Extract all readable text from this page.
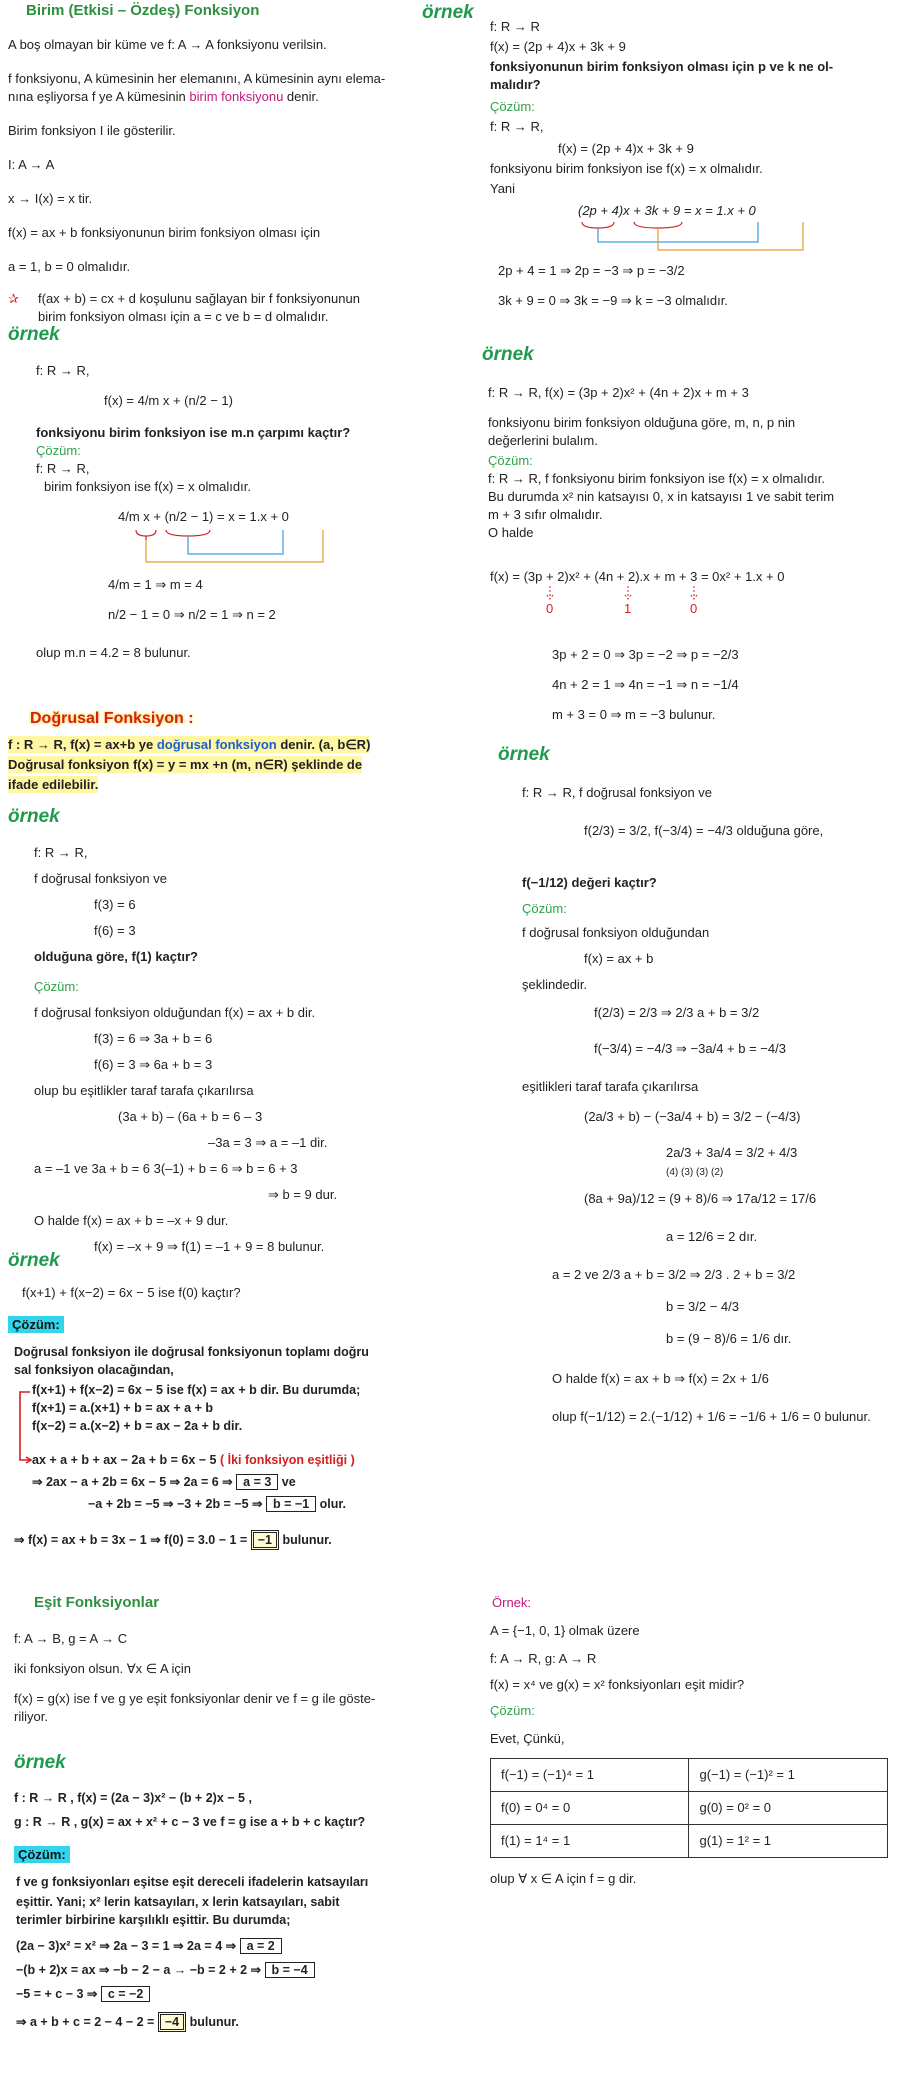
Birim (Etkisi – Özdeş) Fonksiyon
A boş olmayan bir küme ve f: A → A fonksiyonu verilsin.
f fonksiyonu, A kümesinin her elemanını, A kümesinin aynı elema-
nına eşliyorsa f ye A kümesinin birim fonksiyonu denir.
Birim fonksiyon I ile gösterilir.
I: A → A
x → I(x) = x tir.
f(x) = ax + b fonksiyonunun birim fonksiyon olması için
a = 1, b = 0 olmalıdır.
✰ f(ax + b) = cx + d koşulunu sağlayan bir f fonksiyonunun
birim fonksiyon olması için a = c ve b = d olmalıdır.
örnek
f: R → R,
f(x) = 4/m x + (n/2 − 1)
fonksiyonu birim fonksiyon ise m.n çarpımı kaçtır?
Çözüm:
f: R → R,
birim fonksiyon ise f(x) = x olmalıdır.
4/m x + (n/2 − 1) = x = 1.x + 0
4/m = 1 ⇒ m = 4
n/2 − 1 = 0 ⇒ n/2 = 1 ⇒ n = 2
olup m.n = 4.2 = 8 bulunur.
Doğrusal Fonksiyon :
f : R → R, f(x) = ax+b ye doğrusal fonksiyon denir. (a, b∈R)
Doğrusal fonksiyon f(x) = y = mx +n (m, n∈R) şeklinde de
ifade edilebilir.
örnek
f: R → R,
f doğrusal fonksiyon ve
f(3) = 6
f(6) = 3
olduğuna göre, f(1) kaçtır?
Çözüm:
f doğrusal fonksiyon olduğundan f(x) = ax + b dir.
f(3) = 6 ⇒ 3a + b = 6
f(6) = 3 ⇒ 6a + b = 3
olup bu eşitlikler taraf tarafa çıkarılırsa
(3a + b) – (6a + b = 6 – 3
–3a = 3 ⇒ a = –1 dir.
a = –1 ve 3a + b = 6 3(–1) + b = 6 ⇒ b = 6 + 3
⇒ b = 9 dur.
O halde f(x) = ax + b = –x + 9 dur.
f(x) = –x + 9 ⇒ f(1) = –1 + 9 = 8 bulunur.
örnek
f(x+1) + f(x−2) = 6x − 5 ise f(0) kaçtır?
Çözüm:
Doğrusal fonksiyon ile doğrusal fonksiyonun toplamı doğru
sal fonksiyon olacağından,
f(x+1) + f(x−2) = 6x − 5 ise f(x) = ax + b dir. Bu durumda;
f(x+1) = a.(x+1) + b = ax + a + b
f(x−2) = a.(x−2) + b = ax − 2a + b dir.
ax + a + b + ax − 2a + b = 6x − 5 ( İki fonksiyon eşitliği )
⇒ 2ax − a + 2b = 6x − 5 ⇒ 2a = 6 ⇒ a = 3 ve
−a + 2b = −5 ⇒ −3 + 2b = −5 ⇒ b = −1 olur.
⇒ f(x) = ax + b = 3x − 1 ⇒ f(0) = 3.0 − 1 = −1 bulunur.
Eşit Fonksiyonlar
f: A → B, g = A → C
iki fonksiyon olsun. ∀x ∈ A için
f(x) = g(x) ise f ve g ye eşit fonksiyonlar denir ve f = g ile göste-
riliyor.
örnek
f : R → R , f(x) = (2a − 3)x² − (b + 2)x − 5 ,
g : R → R , g(x) = ax + x² + c − 3 ve f = g ise a + b + c kaçtır?
Çözüm:
f ve g fonksiyonları eşitse eşit dereceli ifadelerin katsayıları
eşittir. Yani; x² lerin katsayıları, x lerin katsayıları, sabit
terimler birbirine karşılıklı eşittir. Bu durumda;
(2a − 3)x² = x² ⇒ 2a − 3 = 1 ⇒ 2a = 4 ⇒ a = 2
−(b + 2)x = ax ⇒ −b − 2 − a → −b = 2 + 2 ⇒ b = −4
−5 = + c − 3 ⇒ c = −2
⇒ a + b + c = 2 − 4 − 2 = −4 bulunur.
örnek
f: R → R
f(x) = (2p + 4)x + 3k + 9
fonksiyonunun birim fonksiyon olması için p ve k ne ol-
malıdır?
Çözüm:
f: R → R,
f(x) = (2p + 4)x + 3k + 9
fonksiyonu birim fonksiyon ise f(x) = x olmalıdır.
Yani
(2p + 4)x + 3k + 9 = x = 1.x + 0
2p + 4 = 1 ⇒ 2p = −3 ⇒ p = −3/2
3k + 9 = 0 ⇒ 3k = −9 ⇒ k = −3 olmalıdır.
örnek
f: R → R, f(x) = (3p + 2)x² + (4n + 2)x + m + 3
fonksiyonu birim fonksiyon olduğuna göre, m, n, p nin
değerlerini bulalım.
Çözüm:
f: R → R, f fonksiyonu birim fonksiyon ise f(x) = x olmalıdır.
Bu durumda x² nin katsayısı 0, x in katsayısı 1 ve sabit terim
m + 3 sıfır olmalıdır.
O halde
f(x) = (3p + 2)x² + (4n + 2).x + m + 3 = 0x² + 1.x + 0
0	1	0
3p + 2 = 0 ⇒ 3p = −2 ⇒ p = −2/3
4n + 2 = 1 ⇒ 4n = −1 ⇒ n = −1/4
m + 3 = 0 ⇒ m = −3 bulunur.
örnek
f: R → R, f doğrusal fonksiyon ve
f(2/3) = 3/2, f(−3/4) = −4/3 olduğuna göre,
f(−1/12) değeri kaçtır?
Çözüm:
f doğrusal fonksiyon olduğundan
f(x) = ax + b
şeklindedir.
f(2/3) = 2/3 ⇒ 2/3 a + b = 3/2
f(−3/4) = −4/3 ⇒ −3a/4 + b = −4/3
eşitlikleri taraf tarafa çıkarılırsa
(2a/3 + b) − (−3a/4 + b) = 3/2 − (−4/3)
2a/3 + 3a/4 = 3/2 + 4/3
(4) (3) (3) (2)
(8a + 9a)/12 = (9 + 8)/6 ⇒ 17a/12 = 17/6
a = 12/6 = 2 dır.
a = 2 ve 2/3 a + b = 3/2 ⇒ 2/3 . 2 + b = 3/2
b = 3/2 − 4/3
b = (9 − 8)/6 = 1/6 dır.
O halde f(x) = ax + b ⇒ f(x) = 2x + 1/6
olup f(−1/12) = 2.(−1/12) + 1/6 = −1/6 + 1/6 = 0 bulunur.
Örnek:
A = {−1, 0, 1} olmak üzere
f: A → R, g: A → R
f(x) = x⁴ ve g(x) = x² fonksiyonları eşit midir?
Çözüm:
Evet, Çünkü,
f(−1) = (−1)⁴ = 1	g(−1) = (−1)² = 1
f(0) = 0⁴ = 0	g(0) = 0² = 0
f(1) = 1⁴ = 1	g(1) = 1² = 1
olup ∀ x ∈ A için f = g dir.
